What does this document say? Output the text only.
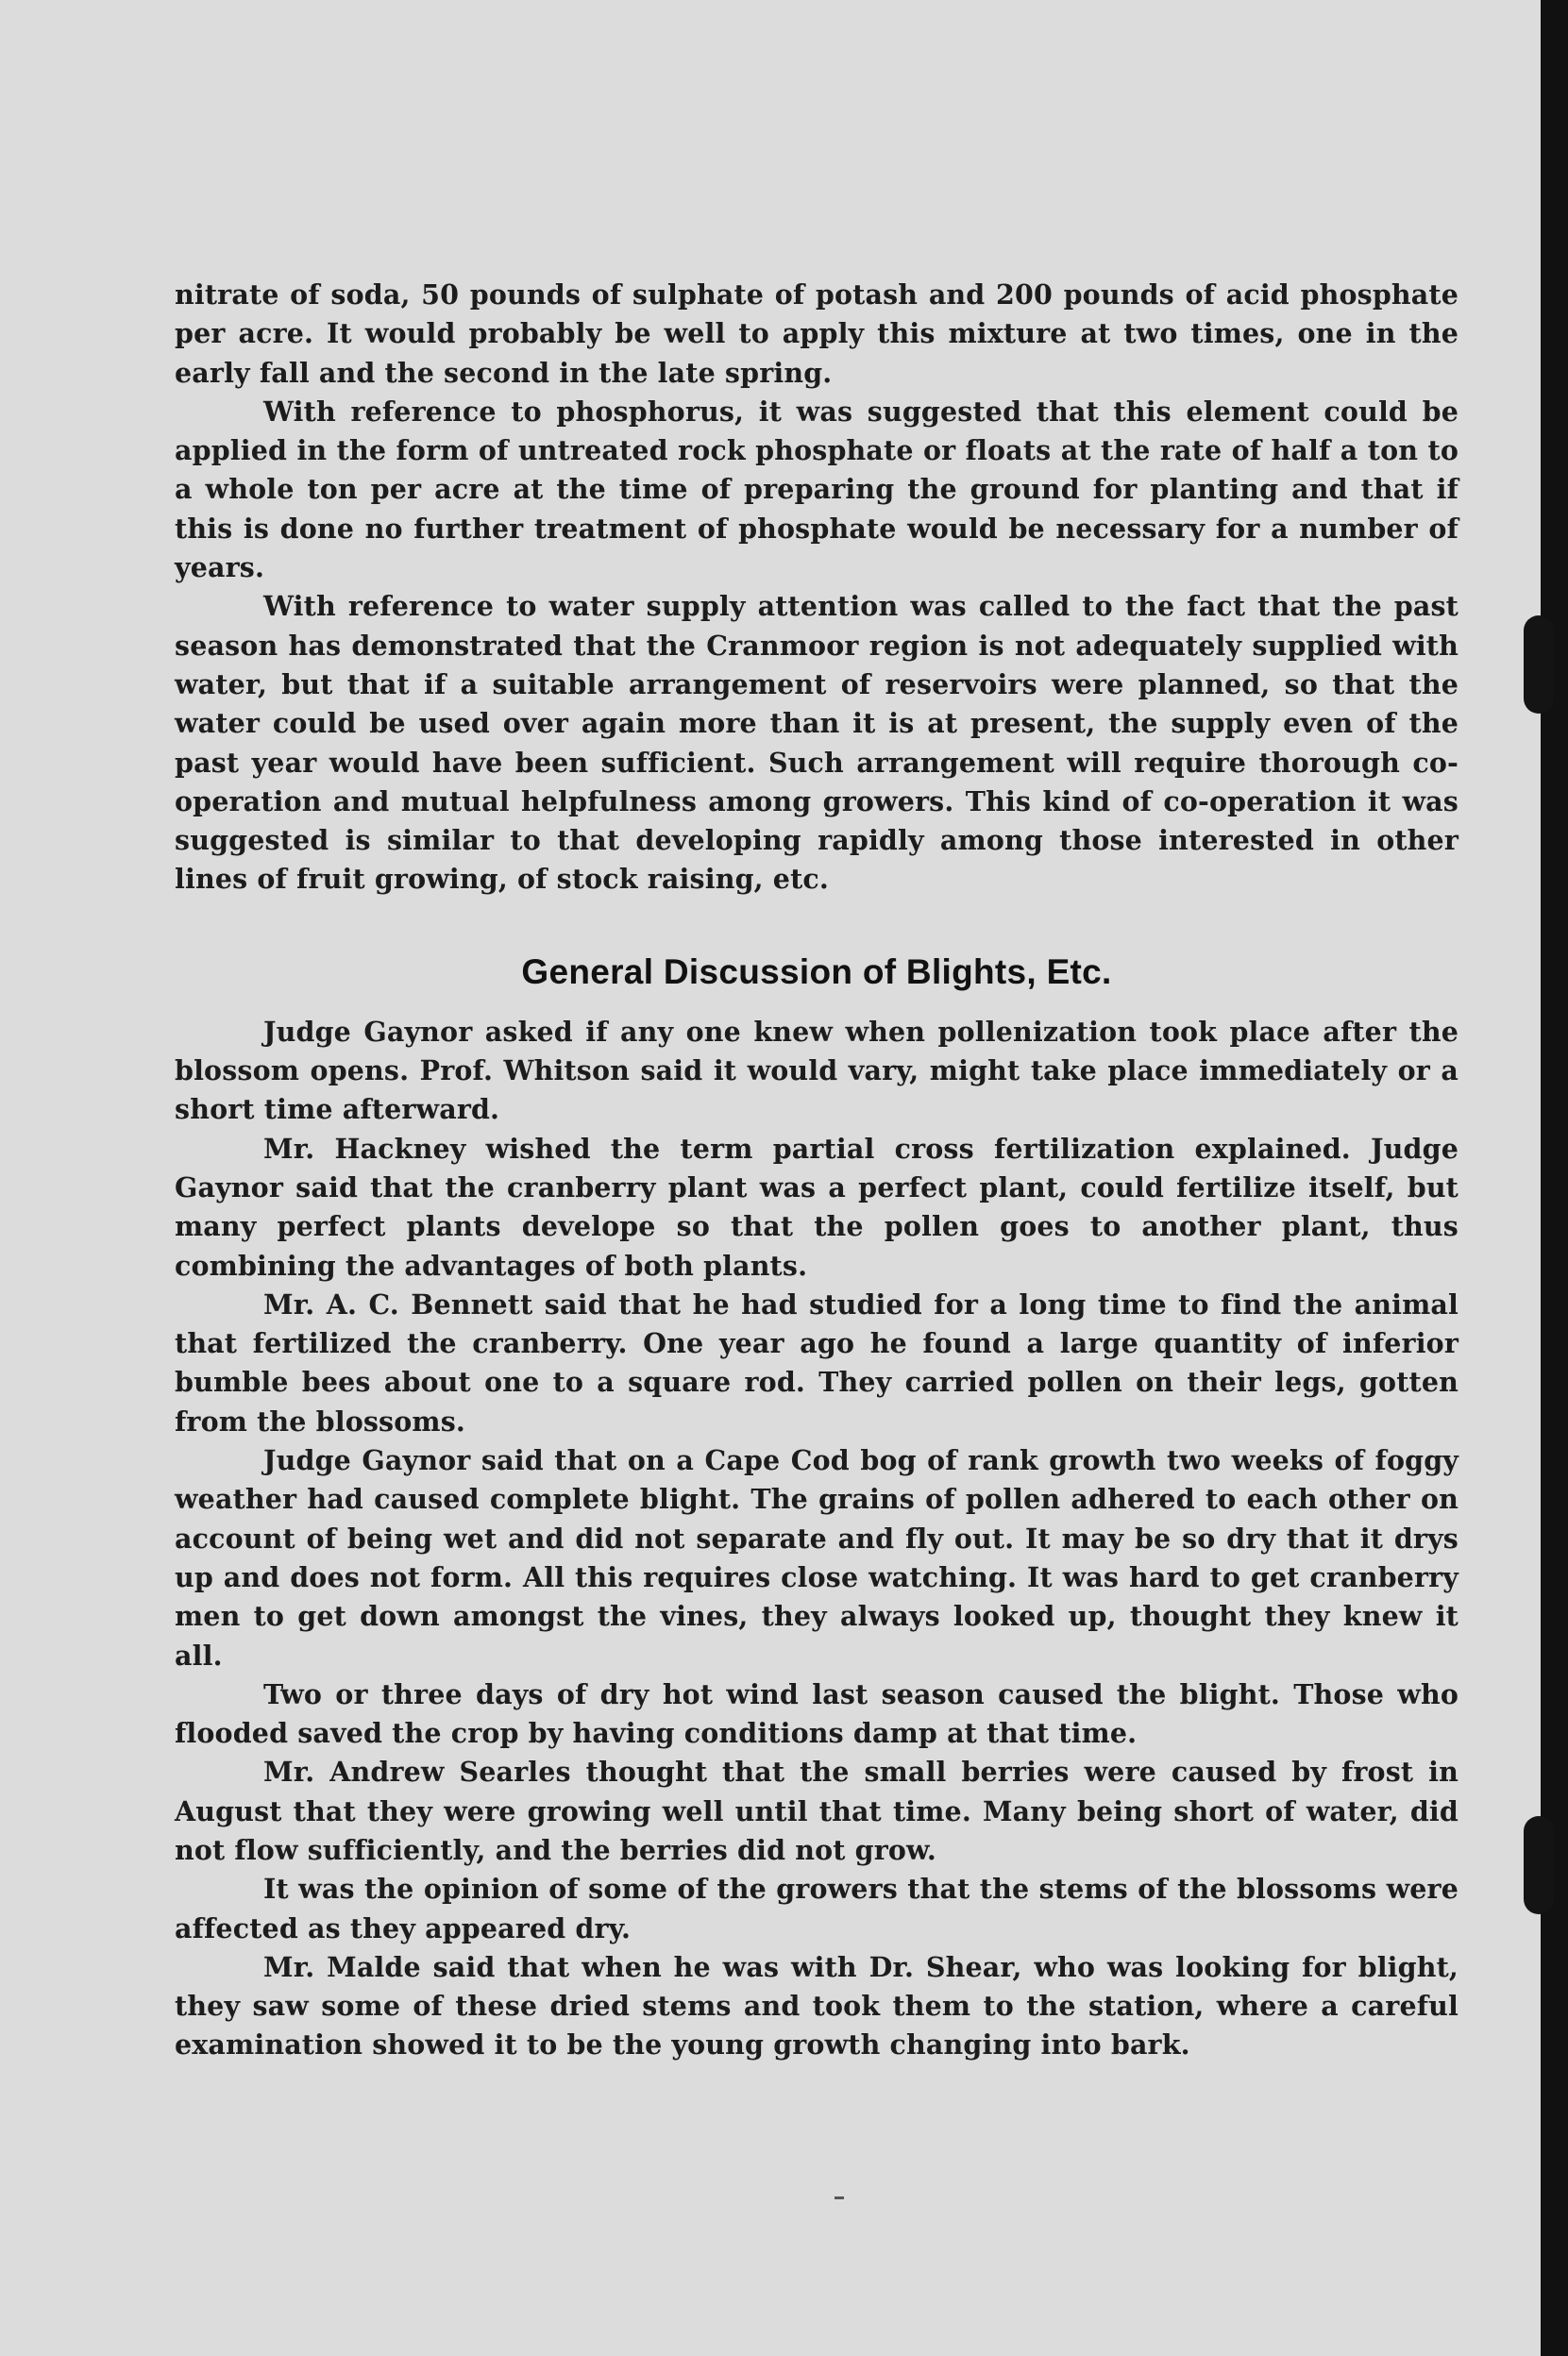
nitrate of soda, 50 pounds of sulphate of potash and 200 pounds of acid phosphate per acre. It would probably be well to apply this mixture at two times, one in the early fall and the second in the late spring.

With reference to phosphorus, it was suggested that this element could be applied in the form of untreated rock phosphate or floats at the rate of half a ton to a whole ton per acre at the time of preparing the ground for planting and that if this is done no further treatment of phosphate would be necessary for a number of years.

With reference to water supply attention was called to the fact that the past season has demonstrated that the Cranmoor region is not adequately supplied with water, but that if a suitable arrangement of reservoirs were planned, so that the water could be used over again more than it is at present, the supply even of the past year would have been sufficient. Such arrangement will require thorough co-operation and mutual helpfulness among growers. This kind of co-operation it was suggested is similar to that developing rapidly among those interested in other lines of fruit growing, of stock raising, etc.

General Discussion of Blights, Etc.

Judge Gaynor asked if any one knew when pollenization took place after the blossom opens. Prof. Whitson said it would vary, might take place immediately or a short time afterward.

Mr. Hackney wished the term partial cross fertilization explained. Judge Gaynor said that the cranberry plant was a perfect plant, could fertilize itself, but many perfect plants develope so that the pollen goes to another plant, thus combining the advantages of both plants.

Mr. A. C. Bennett said that he had studied for a long time to find the animal that fertilized the cranberry. One year ago he found a large quantity of inferior bumble bees about one to a square rod. They carried pollen on their legs, gotten from the blossoms.

Judge Gaynor said that on a Cape Cod bog of rank growth two weeks of foggy weather had caused complete blight. The grains of pollen adhered to each other on account of being wet and did not separate and fly out. It may be so dry that it drys up and does not form. All this requires close watching. It was hard to get cranberry men to get down amongst the vines, they always looked up, thought they knew it all.

Two or three days of dry hot wind last season caused the blight. Those who flooded saved the crop by having conditions damp at that time.

Mr. Andrew Searles thought that the small berries were caused by frost in August that they were growing well until that time. Many being short of water, did not flow sufficiently, and the berries did not grow.

It was the opinion of some of the growers that the stems of the blossoms were affected as they appeared dry.

Mr. Malde said that when he was with Dr. Shear, who was looking for blight, they saw some of these dried stems and took them to the station, where a careful examination showed it to be the young growth changing into bark.
